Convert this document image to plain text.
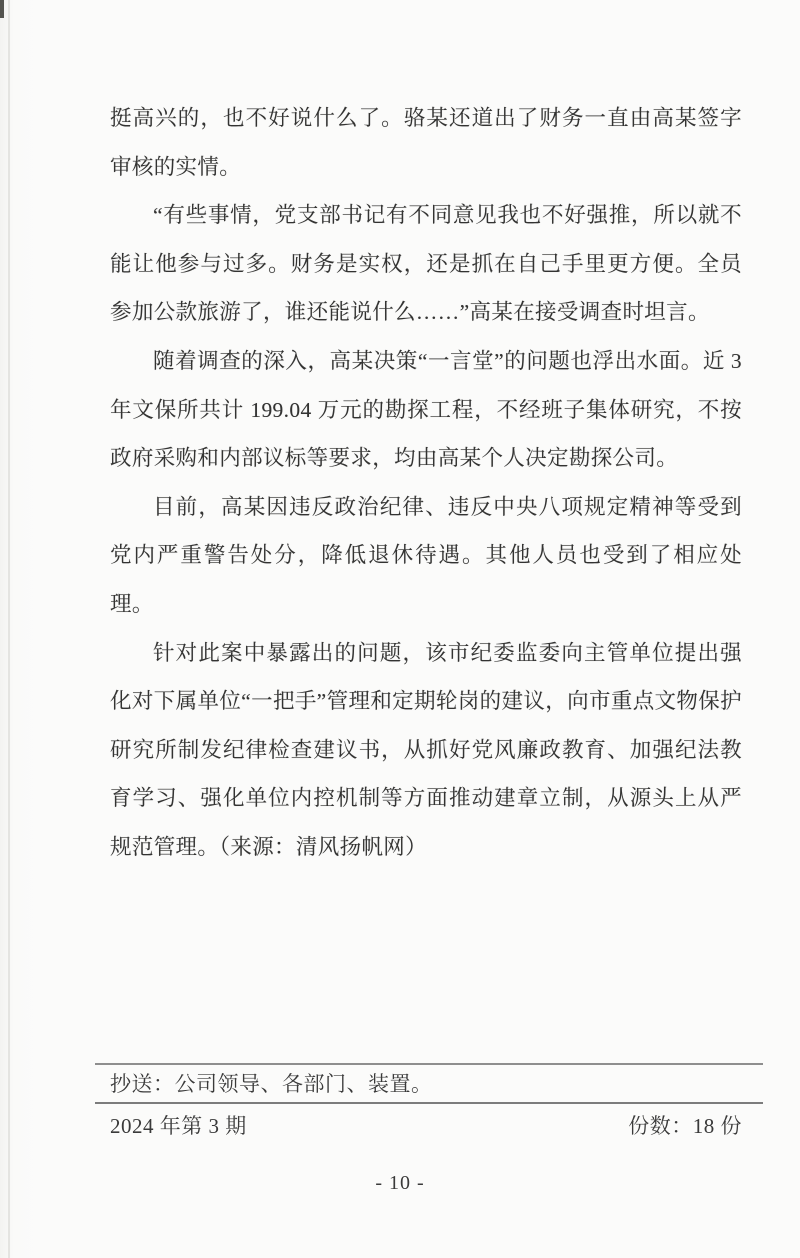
挺高兴的，也不好说什么了。骆某还道出了财务一直由高某签字审核的实情。

“有些事情，党支部书记有不同意见我也不好强推，所以就不能让他参与过多。财务是实权，还是抓在自己手里更方便。全员参加公款旅游了，谁还能说什么……”高某在接受调查时坦言。

随着调查的深入，高某决策“一言堂”的问题也浮出水面。近 3 年文保所共计 199.04 万元的勘探工程，不经班子集体研究，不按政府采购和内部议标等要求，均由高某个人决定勘探公司。

目前，高某因违反政治纪律、违反中央八项规定精神等受到党内严重警告处分，降低退休待遇。其他人员也受到了相应处理。

针对此案中暴露出的问题，该市纪委监委向主管单位提出强化对下属单位“一把手”管理和定期轮岗的建议，向市重点文物保护研究所制发纪律检查建议书，从抓好党风廉政教育、加强纪法教育学习、强化单位内控机制等方面推动建章立制，从源头上从严规范管理。（来源：清风扬帆网）

抄送：公司领导、各部门、装置。
2024 年第 3 期	份数：18 份
- 10 -
